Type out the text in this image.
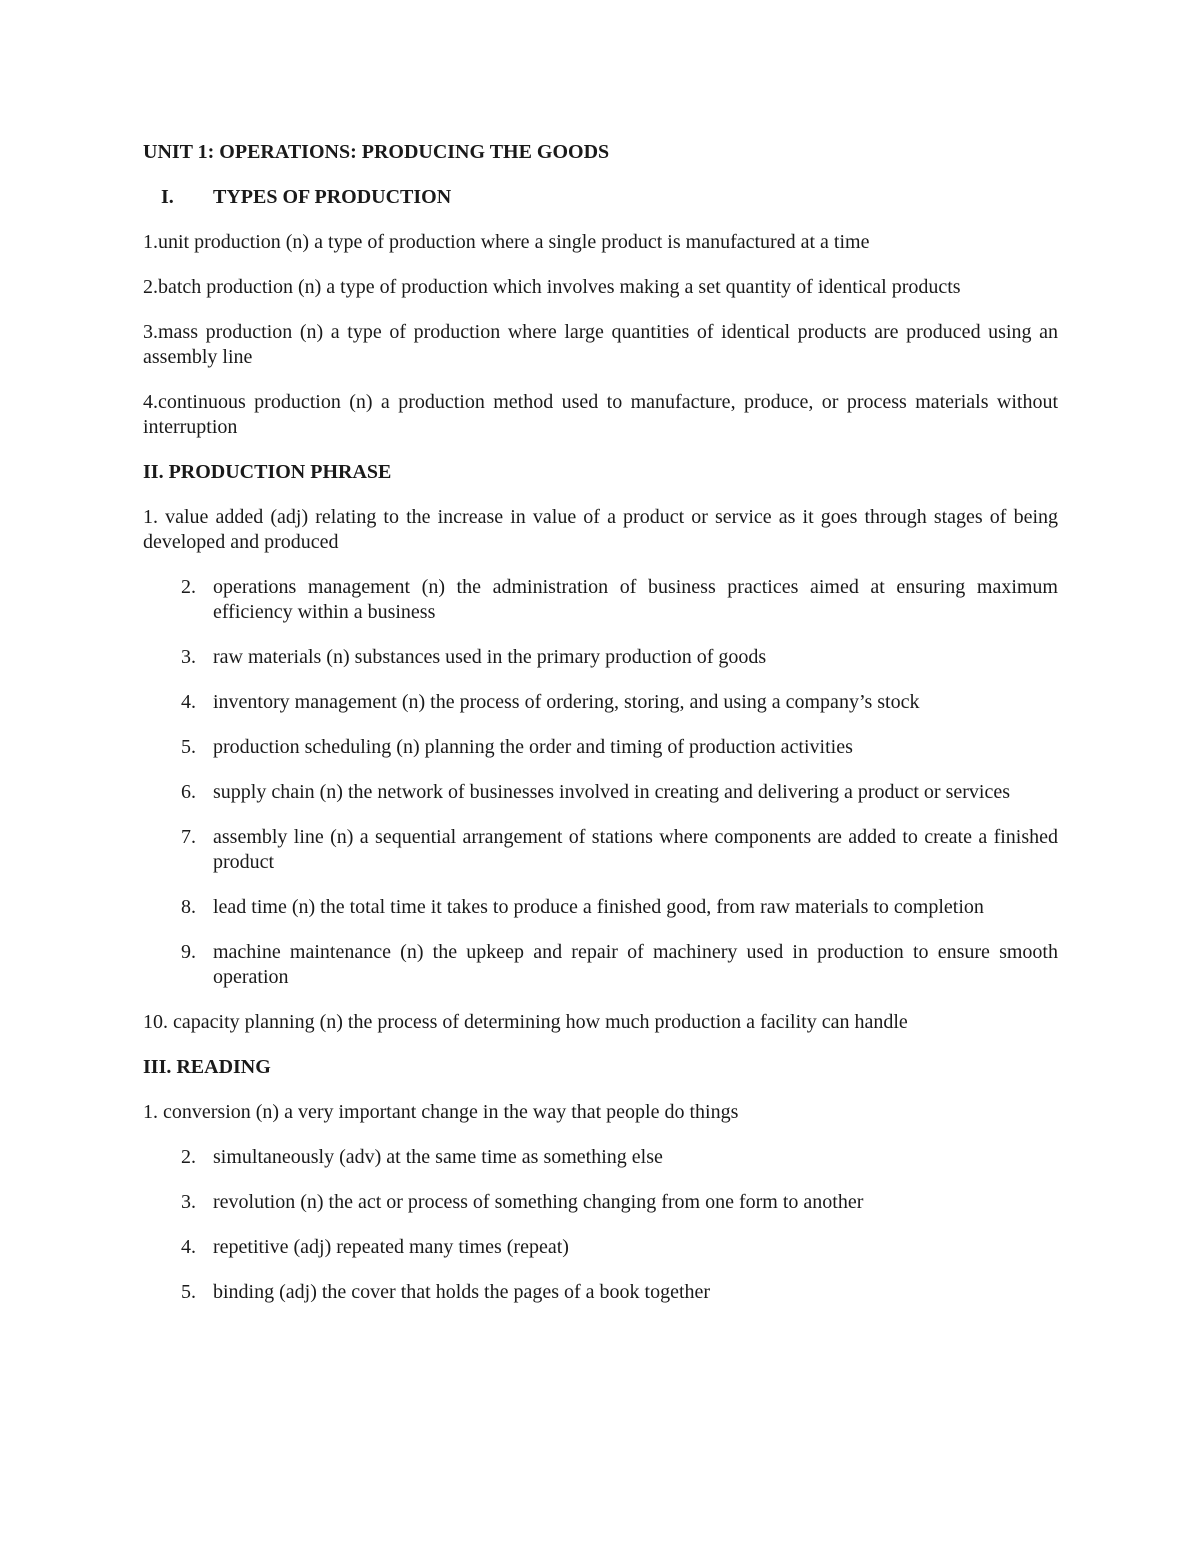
UNIT 1: OPERATIONS: PRODUCING THE GOODS

I.	TYPES OF PRODUCTION

1.unit production (n) a type of production where a single product is manufactured at a time

2.batch production (n) a type of production which involves making a set quantity of identical products

3.mass production (n) a type of production where large quantities of identical products are produced using an assembly line

4.continuous production (n) a production method used to manufacture, produce, or process materials without interruption

II. PRODUCTION PHRASE

1. value added (adj) relating to the increase in value of a product or service as it goes through stages of being developed and produced

2. operations management (n) the administration of business practices aimed at ensuring maximum efficiency within a business
3. raw materials (n) substances used in the primary production of goods
4. inventory management (n) the process of ordering, storing, and using a company’s stock
5. production scheduling (n) planning the order and timing of production activities
6. supply chain (n) the network of businesses involved in creating and delivering a product or services
7. assembly line (n) a sequential arrangement of stations where components are added to create a finished product
8. lead time (n) the total time it takes to produce a finished good, from raw materials to completion
9. machine maintenance (n) the upkeep and repair of machinery used in production to ensure smooth operation

10. capacity planning (n) the process of determining how much production a facility can handle

III. READING

1. conversion (n) a very important change in the way that people do things

2. simultaneously (adv) at the same time as something else
3. revolution (n) the act or process of something changing from one form to another
4. repetitive (adj) repeated many times (repeat)
5. binding (adj) the cover that holds the pages of a book together
